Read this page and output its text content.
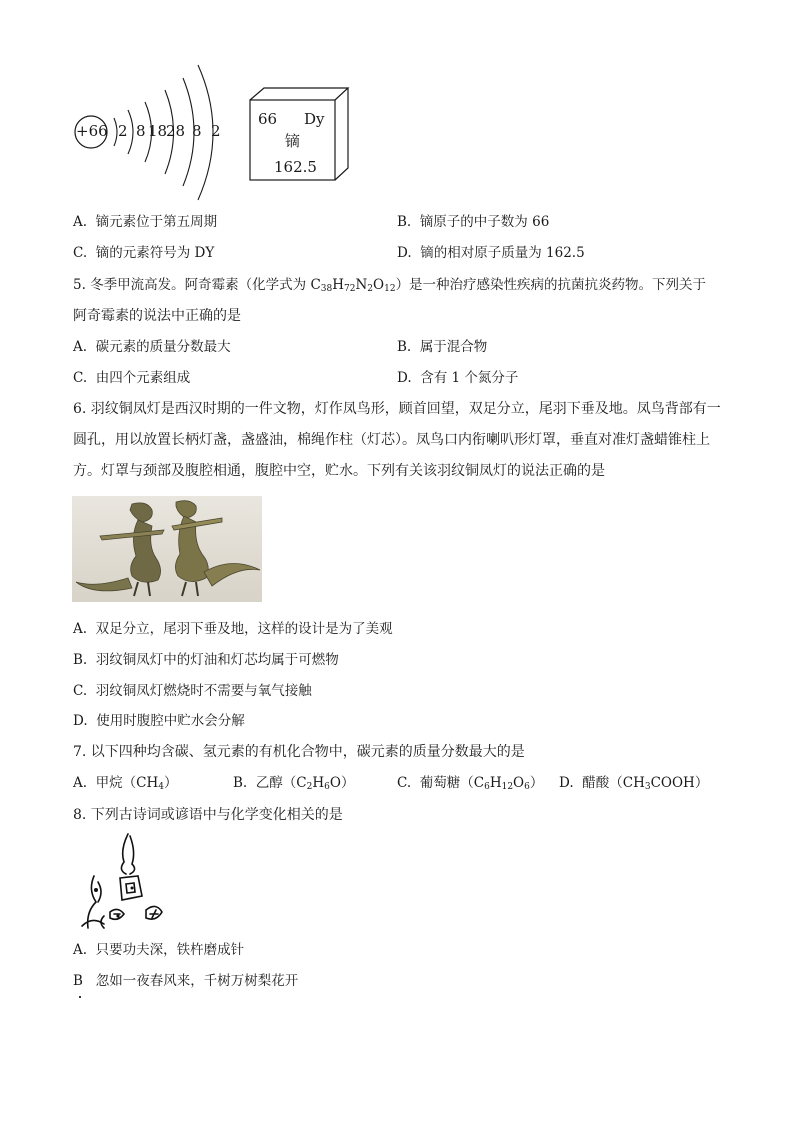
+66 2 8 18
28 8 2
66 Dy
镝
162.5
A. 镝元素位于第五周期	B. 镝原子的中子数为 66
C. 镝的元素符号为 DY	D. 镝的相对原子质量为 162.5
5. 冬季甲流高发。阿奇霉素（化学式为 $C_{38}H_{72}N_2O_{12}$）是一种治疗感染性疾病的抗菌抗炎药物。下列关于
阿奇霉素的说法中正确的是
A. 碳元素的质量分数最大	B. 属于混合物
C. 由四个元素组成	D. 含有 1 个氮分子
6. 羽纹铜凤灯是西汉时期的一件文物，灯作凤鸟形，顾首回望，双足分立，尾羽下垂及地。凤鸟背部有一
圆孔，用以放置长柄灯盏，盏盛油，棉绳作柱（灯芯）。凤鸟口内衔喇叭形灯罩，垂直对准灯盏蜡锥柱上
方。灯罩与颈部及腹腔相通，腹腔中空，贮水。下列有关该羽纹铜凤灯的说法正确的是
A. 双足分立，尾羽下垂及地，这样的设计是为了美观
B. 羽纹铜凤灯中的灯油和灯芯均属于可燃物
C. 羽纹铜凤灯燃烧时不需要与氧气接触
D. 使用时腹腔中贮水会分解
7. 以下四种均含碳、氢元素的有机化合物中，碳元素的质量分数最大的是
A. 甲烷$(CH_4)$	B. 乙醇$(C_2H_6O)$	C. 葡萄糖$(C_6H_{12}O_6)$ D. 醋酸$(CH_3COOH)$
8. 下列古诗词或谚语中与化学变化相关的是
A. 只要功夫深，铁杵磨成针
B 忽如一夜春风来，千树万树梨花开
